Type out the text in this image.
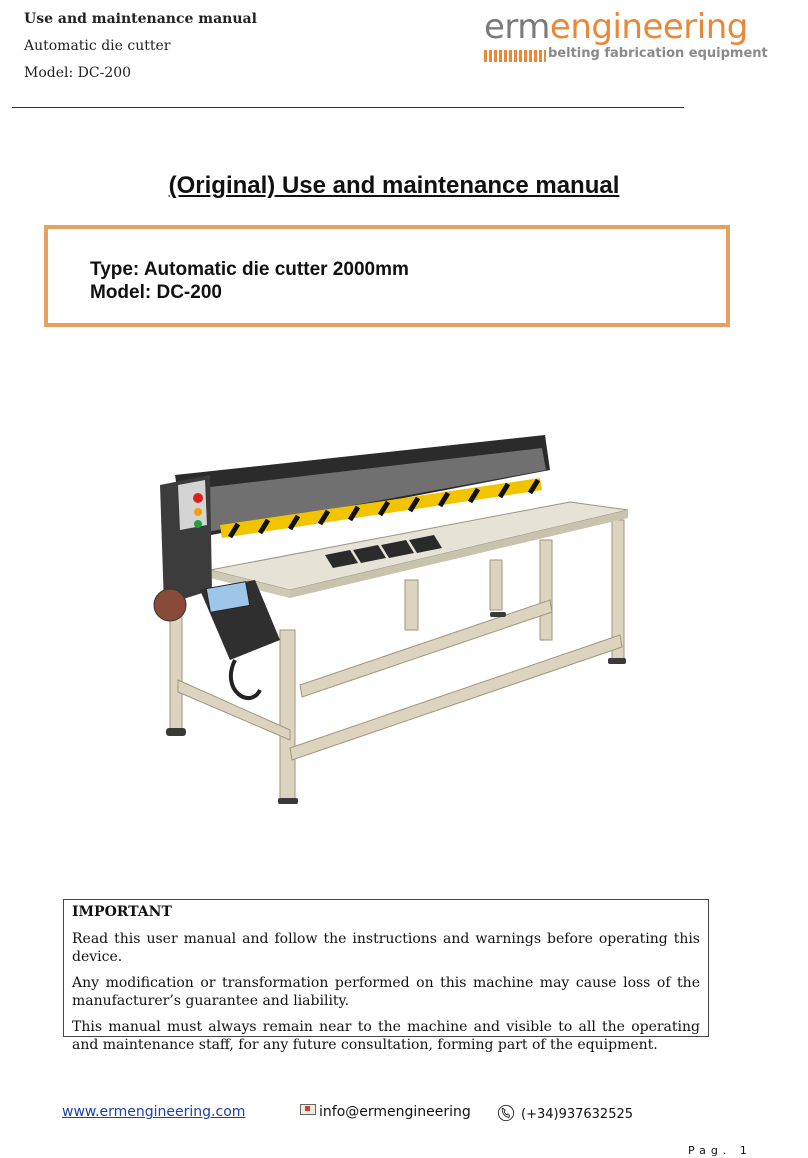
Use and maintenance manual
Automatic die cutter
Model: DC-200
ermengineering
belting fabrication equipment
(Original) Use and maintenance manual
Type: Automatic die cutter 2000mm
Model: DC-200
IMPORTANT

Read this user manual and follow the instructions and warnings before operating this device.

Any modification or transformation performed on this machine may cause loss of the manufacturer’s guarantee and liability.

This manual must always remain near to the machine and visible to all the operating and maintenance staff, for any future consultation, forming part of the equipment.

www.ermengineering.com	info@ermengineering	(+34)937632525
Pag. 1
